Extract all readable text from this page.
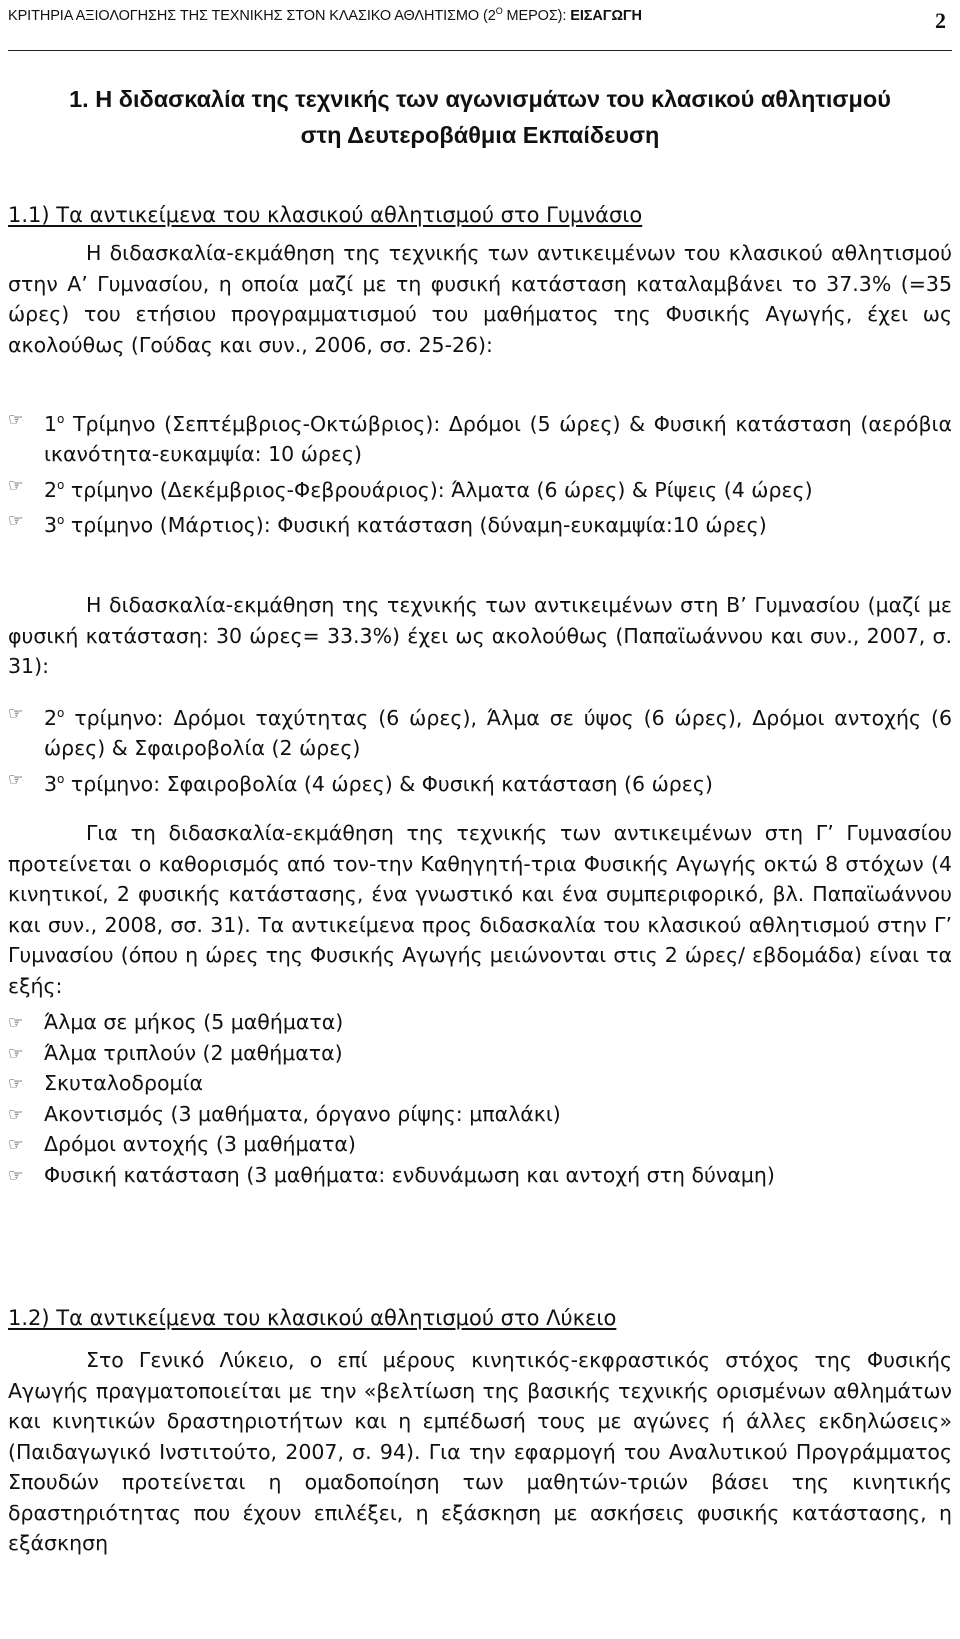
ΚΡΙΤΗΡΙΑ ΑΞΙΟΛΟΓΗΣΗΣ ΤΗΣ ΤΕΧΝΙΚΗΣ ΣΤΟΝ ΚΛΑΣΙΚΟ ΑΘΛΗΤΙΣΜΟ ($2^O$ ΜΕΡΟΣ): ΕΙΣΑΓΩΓΗ	2
1. Η διδασκαλία της τεχνικής των αγωνισμάτων του κλασικού αθλητισμού
στη Δευτεροβάθμια Εκπαίδευση

1.1) Τα αντικείμενα του κλασικού αθλητισμού στο Γυμνάσιο

Η διδασκαλία-εκμάθηση της τεχνικής των αντικειμένων του κλασικού αθλητισμού στην Α’ Γυμνασίου, η οποία μαζί με τη φυσική κατάσταση καταλαμβάνει το 37.3% (=35 ώρες) του ετήσιου προγραμματισμού του μαθήματος της Φυσικής Αγωγής, έχει ως ακολούθως (Γούδας και συν., 2006, σσ. 25-26):

☞ $1^o$ Τρίμηνο (Σεπτέμβριος-Οκτώβριος): Δρόμοι (5 ώρες) & Φυσική κατάσταση (αερόβια ικανότητα-ευκαμψία: 10 ώρες)
☞ $2^o$ τρίμηνο (Δεκέμβριος-Φεβρουάριος): Άλματα (6 ώρες) & Ρίψεις (4 ώρες)
☞ $3^o$ τρίμηνο (Μάρτιος): Φυσική κατάσταση (δύναμη-ευκαμψία:10 ώρες)

Η διδασκαλία-εκμάθηση της τεχνικής των αντικειμένων στη Β’ Γυμνασίου (μαζί με φυσική κατάσταση: 30 ώρες= 33.3%) έχει ως ακολούθως (Παπαϊωάννου και συν., 2007, σ. 31):

☞ $2^o$ τρίμηνο: Δρόμοι ταχύτητας (6 ώρες), Άλμα σε ύψος (6 ώρες), Δρόμοι αντοχής (6 ώρες) & Σφαιροβολία (2 ώρες)
☞ $3^o$ τρίμηνο: Σφαιροβολία (4 ώρες) & Φυσική κατάσταση (6 ώρες)

Για τη διδασκαλία-εκμάθηση της τεχνικής των αντικειμένων στη Γ’ Γυμνασίου προτείνεται ο καθορισμός από τον-την Καθηγητή-τρια Φυσικής Αγωγής οκτώ 8 στόχων (4 κινητικοί, 2 φυσικής κατάστασης, ένα γνωστικό και ένα συμπεριφορικό, βλ. Παπαϊωάννου και συν., 2008, σσ. 31). Τα αντικείμενα προς διδασκαλία του κλασικού αθλητισμού στην Γ’ Γυμνασίου (όπου η ώρες της Φυσικής Αγωγής μειώνονται στις 2 ώρες/ εβδομάδα) είναι τα εξής:

☞ Άλμα σε μήκος (5 μαθήματα)
☞ Άλμα τριπλούν (2 μαθήματα)
☞ Σκυταλοδρομία
☞ Ακοντισμός (3 μαθήματα, όργανο ρίψης: μπαλάκι)
☞ Δρόμοι αντοχής (3 μαθήματα)
☞ Φυσική κατάσταση (3 μαθήματα: ενδυνάμωση και αντοχή στη δύναμη)

1.2) Τα αντικείμενα του κλασικού αθλητισμού στο Λύκειο

Στο Γενικό Λύκειο, ο επί μέρους κινητικός-εκφραστικός στόχος της Φυσικής Αγωγής πραγματοποιείται με την «βελτίωση της βασικής τεχνικής ορισμένων αθλημάτων και κινητικών δραστηριοτήτων και η εμπέδωσή τους με αγώνες ή άλλες εκδηλώσεις» (Παιδαγωγικό Ινστιτούτο, 2007, σ. 94). Για την εφαρμογή του Αναλυτικού Προγράμματος Σπουδών προτείνεται η ομαδοποίηση των μαθητών-τριών βάσει της κινητικής δραστηριότητας που έχουν επιλέξει, η εξάσκηση με ασκήσεις φυσικής κατάστασης, η εξάσκηση
